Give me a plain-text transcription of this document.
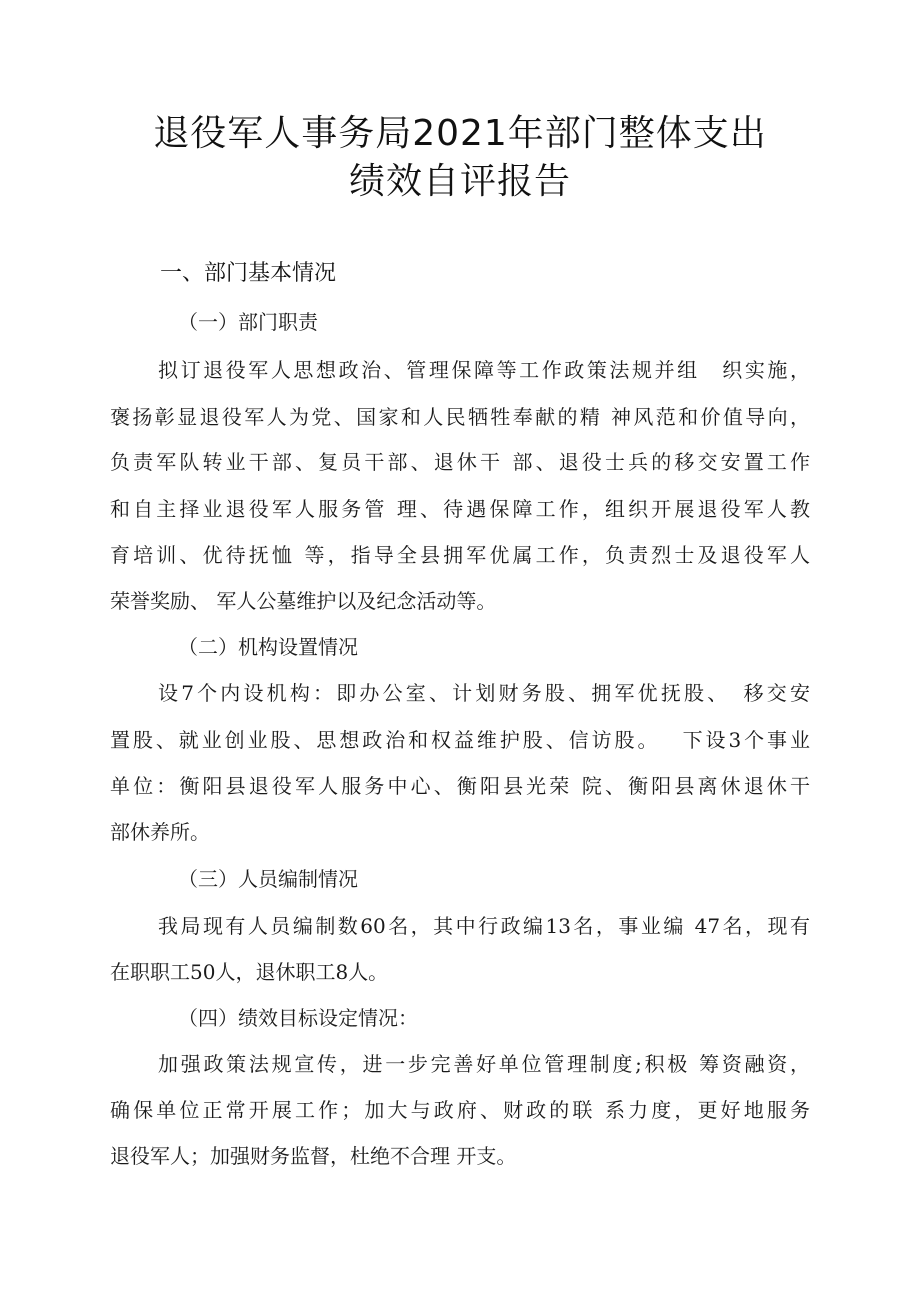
退役军人事务局2021年部门整体支出
绩效自评报告
一、部门基本情况
（一）部门职责
拟订退役军人思想政治、管理保障等工作政策法规并组　织实施，
褒扬彰显退役军人为党、国家和人民牺牲奉献的精 神风范和价值导向，
负责军队转业干部、复员干部、退休干 部、退役士兵的移交安置工作
和自主择业退役军人服务管 理、待遇保障工作，组织开展退役军人教
育培训、优待抚恤 等，指导全县拥军优属工作，负责烈士及退役军人
荣誉奖励、 军人公墓维护以及纪念活动等。
（二）机构设置情况
设7个内设机构：即办公室、计划财务股、拥军优抚股、　移交安
置股、就业创业股、思想政治和权益维护股、信访股。　 下设3个事业
单位：衡阳县退役军人服务中心、衡阳县光荣 院、衡阳县离休退休干
部休养所。
（三）人员编制情况
我局现有人员编制数60名，其中行政编13名，事业编 47名，现有
在职职工50人，退休职工8人。
（四）绩效目标设定情况：
加强政策法规宣传，进一步完善好单位管理制度;积极 筹资融资，
确保单位正常开展工作；加大与政府、财政的联 系力度，更好地服务
退役军人；加强财务监督，杜绝不合理 开支。
